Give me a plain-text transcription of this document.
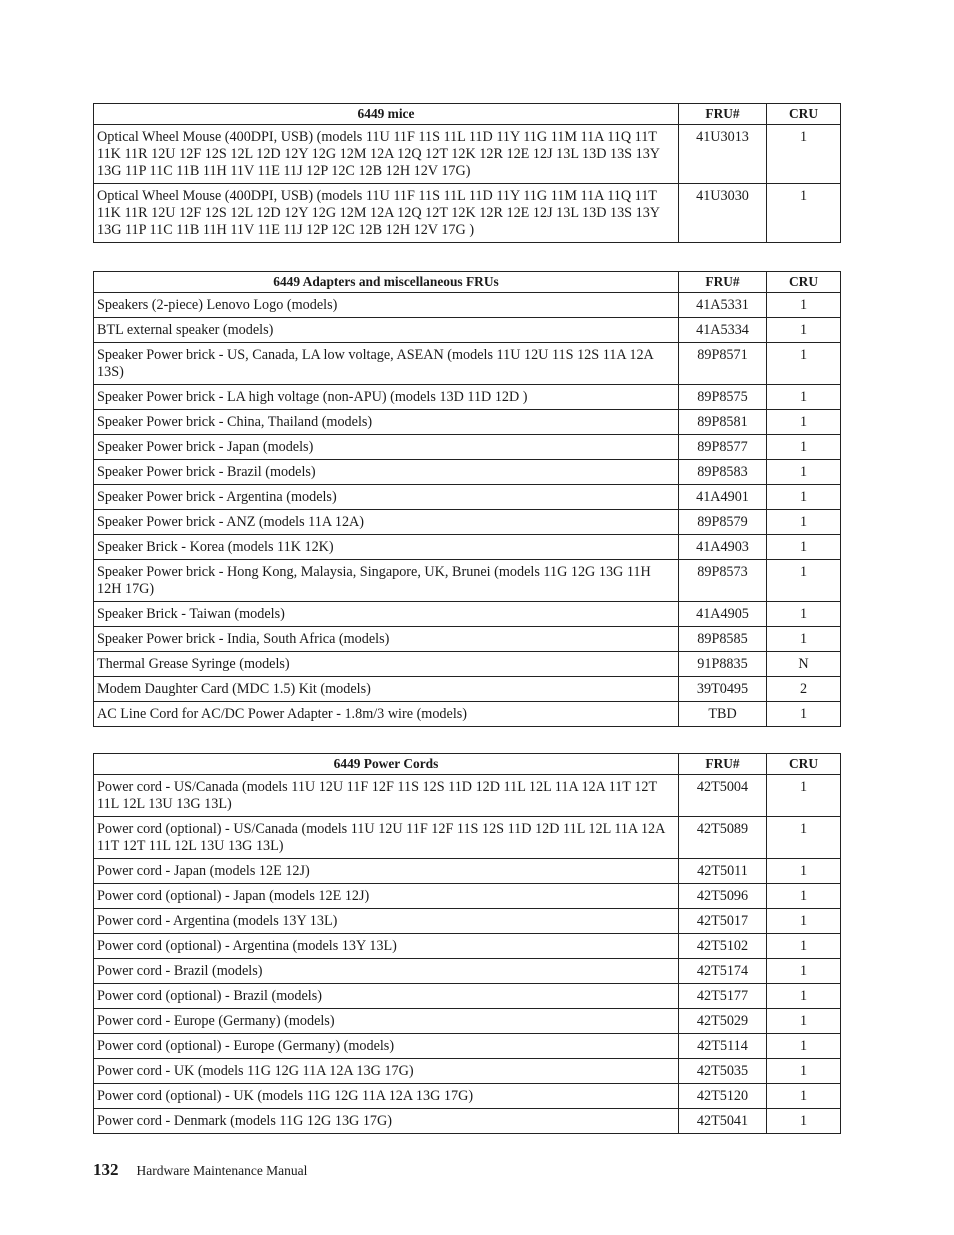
6449 mice	FRU#	CRU
Optical Wheel Mouse (400DPI, USB) (models 11U 11F 11S 11L 11D 11Y 11G 11M 11A 11Q 11T 11K 11R 12U 12F 12S 12L 12D 12Y 12G 12M 12A 12Q 12T 12K 12R 12E 12J 13L 13D 13S 13Y 13G 11P 11C 11B 11H 11V 11E 11J 12P 12C 12B 12H 12V 17G)	41U3013	1
Optical Wheel Mouse (400DPI, USB) (models 11U 11F 11S 11L 11D 11Y 11G 11M 11A 11Q 11T 11K 11R 12U 12F 12S 12L 12D 12Y 12G 12M 12A 12Q 12T 12K 12R 12E 12J 13L 13D 13S 13Y 13G 11P 11C 11B 11H 11V 11E 11J 12P 12C 12B 12H 12V 17G )	41U3030	1
6449 Adapters and miscellaneous FRUs	FRU#	CRU
Speakers (2-piece) Lenovo Logo (models)	41A5331	1
BTL external speaker (models)	41A5334	1
Speaker Power brick - US, Canada, LA low voltage, ASEAN (models 11U 12U 11S 12S 11A 12A 13S)	89P8571	1
Speaker Power brick - LA high voltage (non-APU) (models 13D 11D 12D )	89P8575	1
Speaker Power brick - China, Thailand (models)	89P8581	1
Speaker Power brick - Japan (models)	89P8577	1
Speaker Power brick - Brazil (models)	89P8583	1
Speaker Power brick - Argentina (models)	41A4901	1
Speaker Power brick - ANZ (models 11A 12A)	89P8579	1
Speaker Brick - Korea (models 11K 12K)	41A4903	1
Speaker Power brick - Hong Kong, Malaysia, Singapore, UK, Brunei (models 11G 12G 13G 11H 12H 17G)	89P8573	1
Speaker Brick - Taiwan (models)	41A4905	1
Speaker Power brick - India, South Africa (models)	89P8585	1
Thermal Grease Syringe (models)	91P8835	N
Modem Daughter Card (MDC 1.5) Kit (models)	39T0495	2
AC Line Cord for AC/DC Power Adapter - 1.8m/3 wire (models)	TBD	1
6449 Power Cords	FRU#	CRU
Power cord - US/Canada (models 11U 12U 11F 12F 11S 12S 11D 12D 11L 12L 11A 12A 11T 12T 11L 12L 13U 13G 13L)	42T5004	1
Power cord (optional) - US/Canada (models 11U 12U 11F 12F 11S 12S 11D 12D 11L 12L 11A 12A 11T 12T 11L 12L 13U 13G 13L)	42T5089	1
Power cord - Japan (models 12E 12J)	42T5011	1
Power cord (optional) - Japan (models 12E 12J)	42T5096	1
Power cord - Argentina (models 13Y 13L)	42T5017	1
Power cord (optional) - Argentina (models 13Y 13L)	42T5102	1
Power cord - Brazil (models)	42T5174	1
Power cord (optional) - Brazil (models)	42T5177	1
Power cord - Europe (Germany) (models)	42T5029	1
Power cord (optional) - Europe (Germany) (models)	42T5114	1
Power cord - UK (models 11G 12G 11A 12A 13G 17G)	42T5035	1
Power cord (optional) - UK (models 11G 12G 11A 12A 13G 17G)	42T5120	1
Power cord - Denmark (models 11G 12G 13G 17G)	42T5041	1
132 Hardware Maintenance Manual
